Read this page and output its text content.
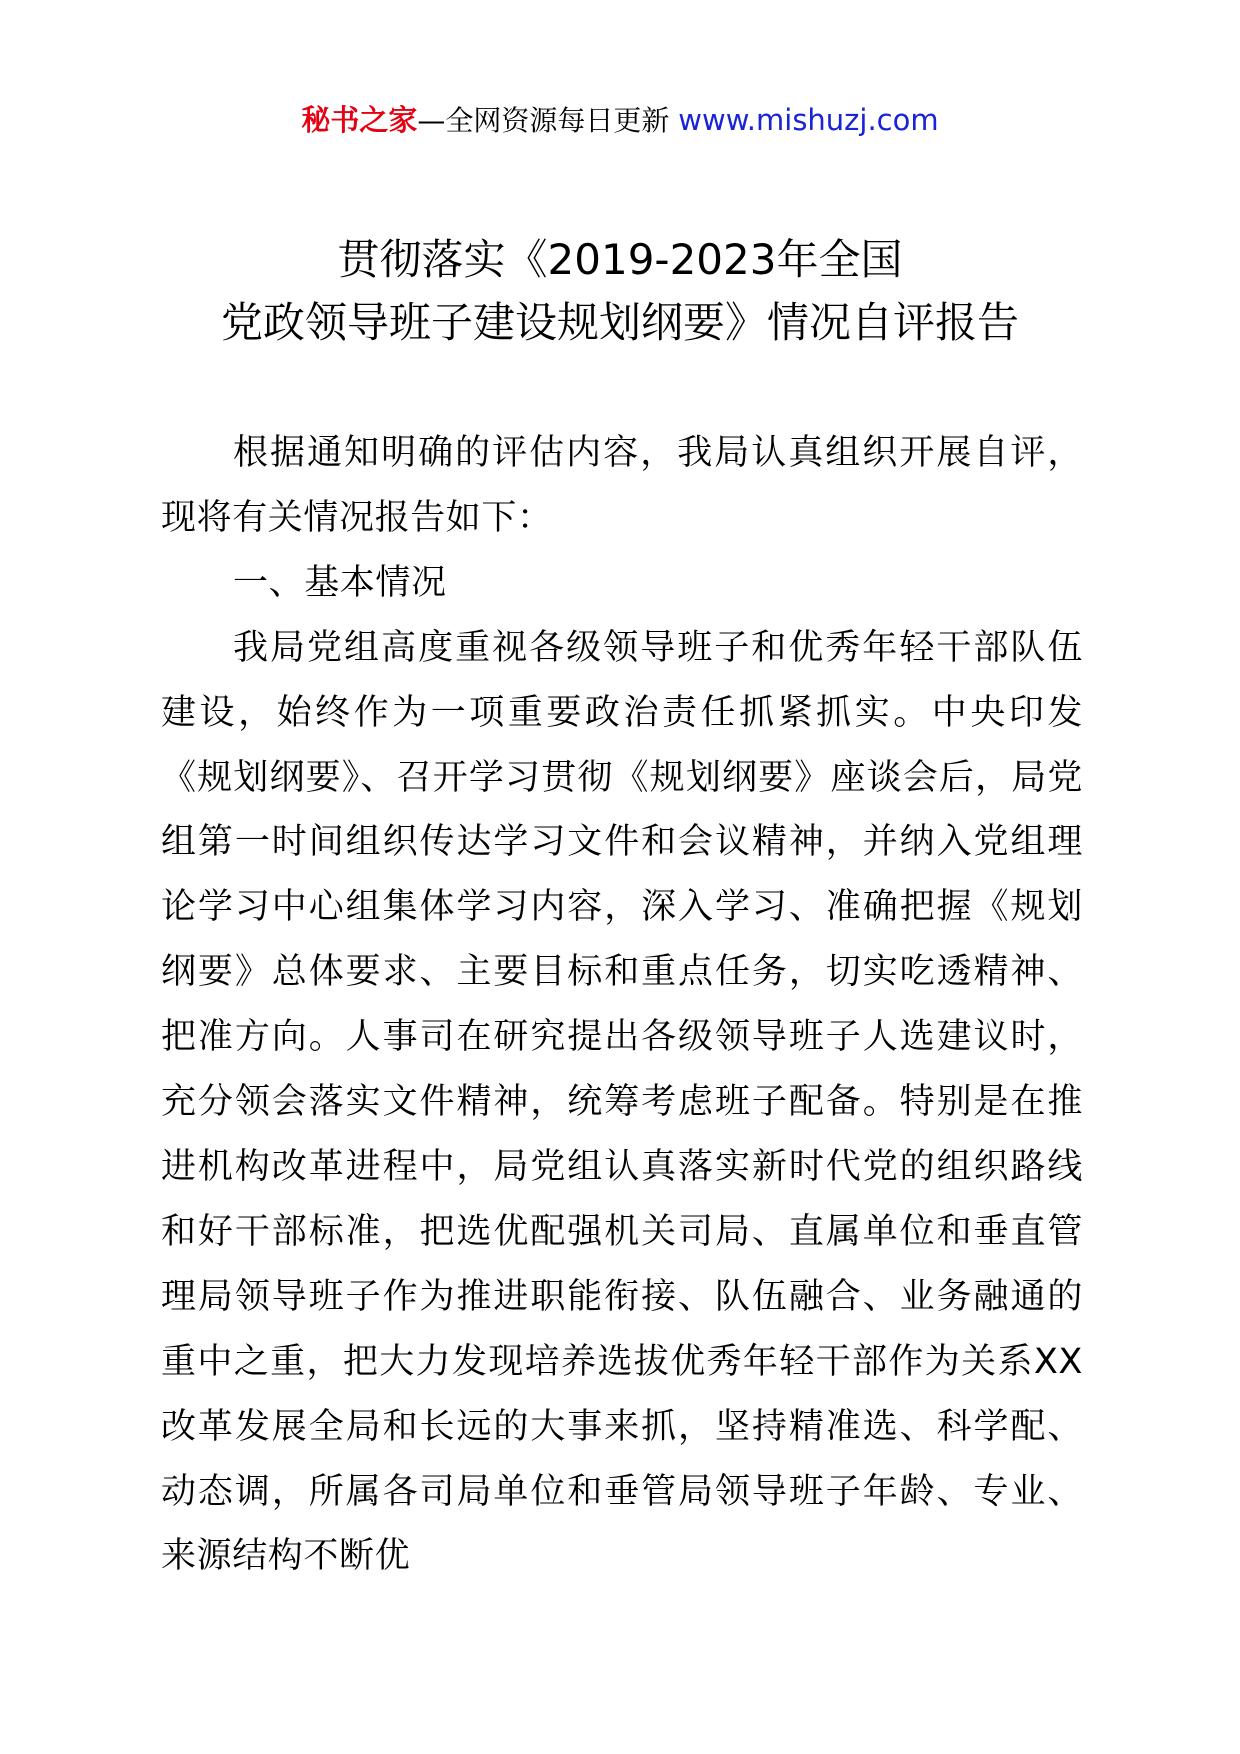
秘书之家—全网资源每日更新 www.mishuzj.com
贯彻落实《2019-2023年全国
党政领导班子建设规划纲要》情况自评报告

根据通知明确的评估内容，我局认真组织开展自评，现将有关情况报告如下：

一、基本情况

我局党组高度重视各级领导班子和优秀年轻干部队伍建设，始终作为一项重要政治责任抓紧抓实。中央印发《规划纲要》、召开学习贯彻《规划纲要》座谈会后，局党组第一时间组织传达学习文件和会议精神，并纳入党组理论学习中心组集体学习内容，深入学习、准确把握《规划纲要》总体要求、主要目标和重点任务，切实吃透精神、把准方向。人事司在研究提出各级领导班子人选建议时，充分领会落实文件精神，统筹考虑班子配备。特别是在推进机构改革进程中，局党组认真落实新时代党的组织路线和好干部标准，把选优配强机关司局、直属单位和垂直管理局领导班子作为推进职能衔接、队伍融合、业务融通的重中之重，把大力发现培养选拔优秀年轻干部作为关系XX改革发展全局和长远的大事来抓，坚持精准选、科学配、动态调，所属各司局单位和垂管局领导班子年龄、专业、来源结构不断优
